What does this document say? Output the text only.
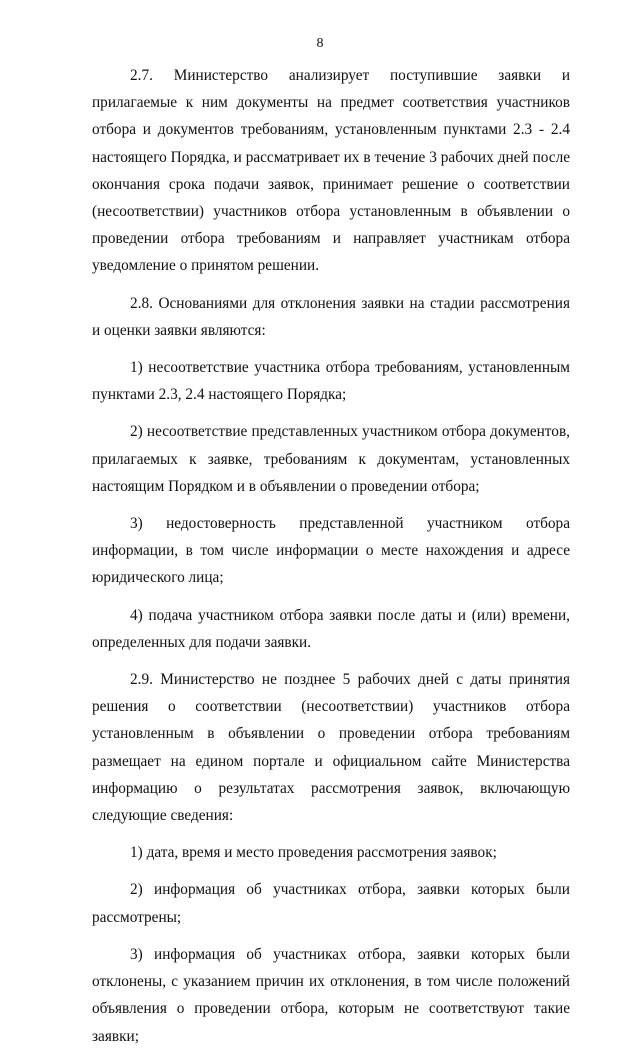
8

2.7. Министерство анализирует поступившие заявки и прилагаемые к ним документы на предмет соответствия участников отбора и документов требованиям, установленным пунктами 2.3 - 2.4 настоящего Порядка, и рассматривает их в течение 3 рабочих дней после окончания срока подачи заявок, принимает решение о соответствии (несоответствии) участников отбора установленным в объявлении о проведении отбора требованиям и направляет участникам отбора уведомление о принятом решении.

2.8. Основаниями для отклонения заявки на стадии рассмотрения и оценки заявки являются:

1) несоответствие участника отбора требованиям, установленным пунктами 2.3, 2.4 настоящего Порядка;

2) несоответствие представленных участником отбора документов, прилагаемых к заявке, требованиям к документам, установленных настоящим Порядком и в объявлении о проведении отбора;

3) недостоверность представленной участником отбора информации, в том числе информации о месте нахождения и адресе юридического лица;

4) подача участником отбора заявки после даты и (или) времени, определенных для подачи заявки.

2.9. Министерство не позднее 5 рабочих дней с даты принятия решения о соответствии (несоответствии) участников отбора установленным в объявлении о проведении отбора требованиям размещает на едином портале и официальном сайте Министерства информацию о результатах рассмотрения заявок, включающую следующие сведения:

1) дата, время и место проведения рассмотрения заявок;

2) информация об участниках отбора, заявки которых были рассмотрены;

3) информация об участниках отбора, заявки которых были отклонены, с указанием причин их отклонения, в том числе положений объявления о проведении отбора, которым не соответствуют такие заявки;
